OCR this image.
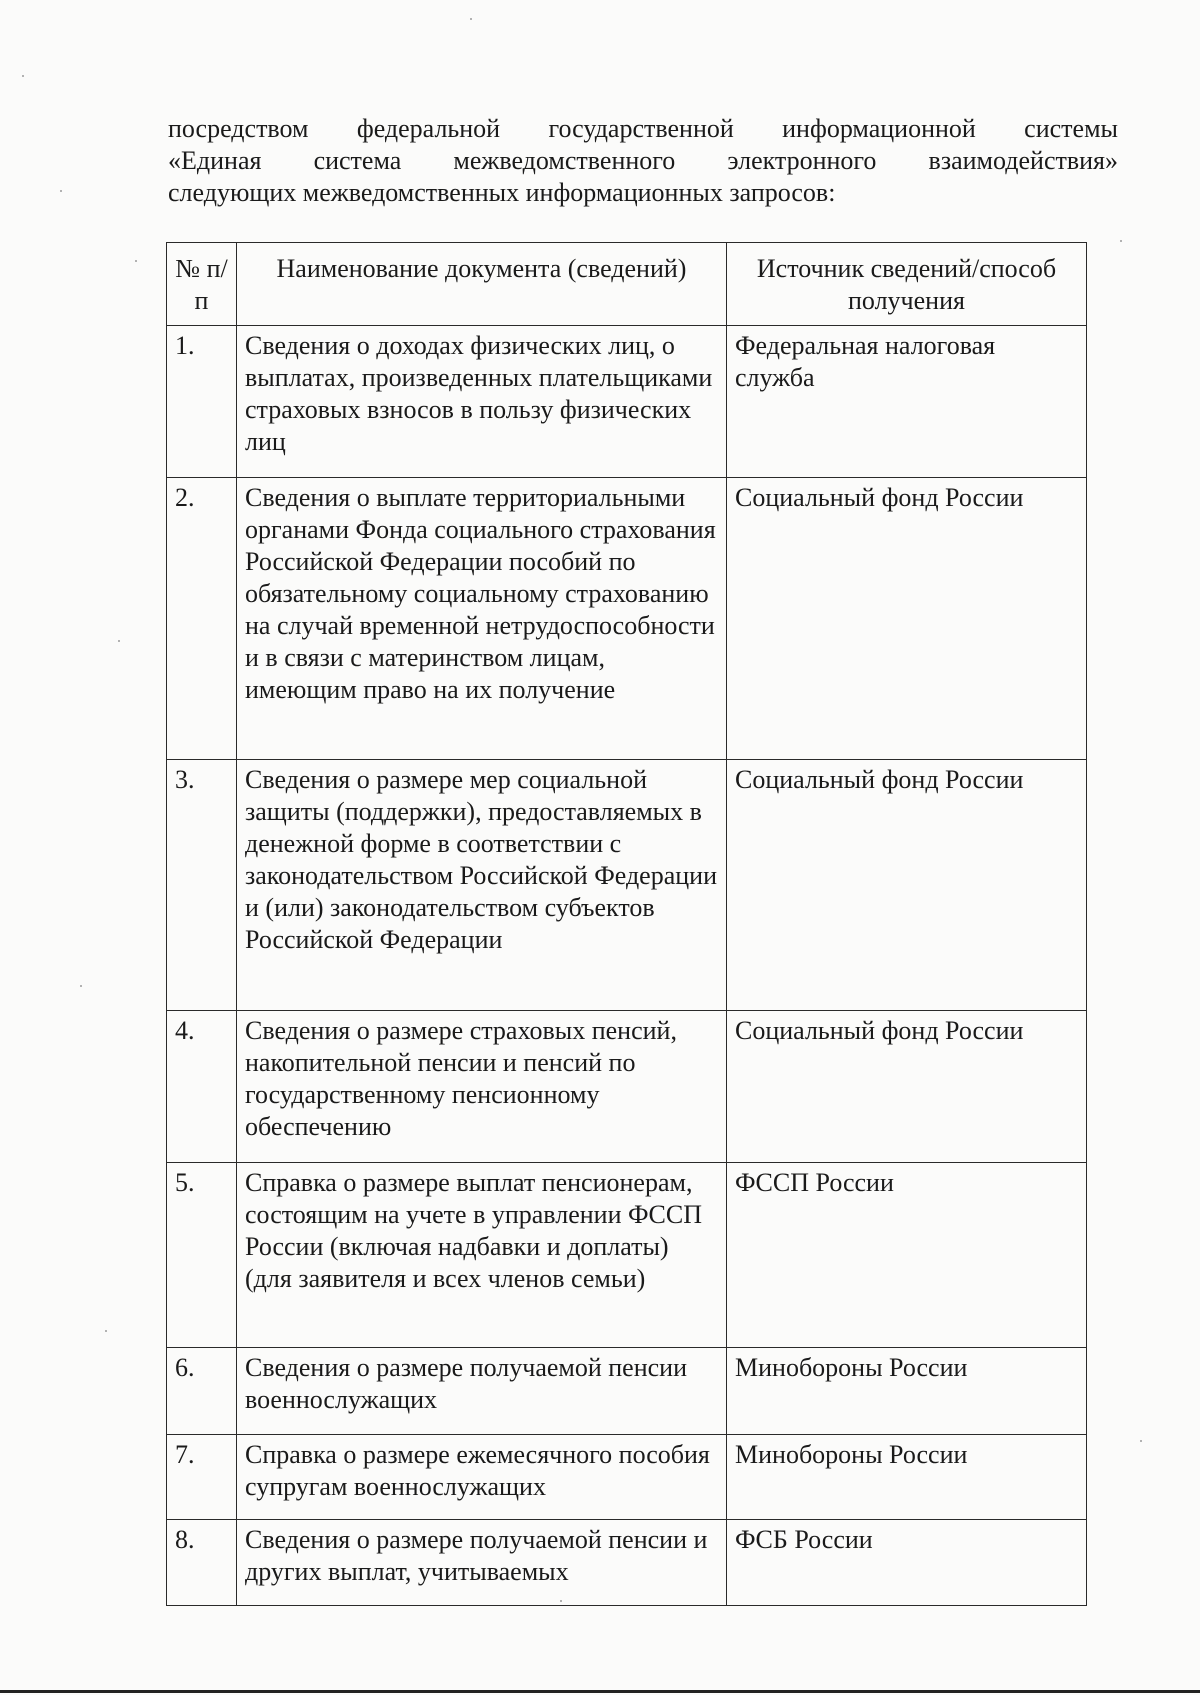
посредством федеральной государственной информационной системы
«Единая система межведомственного электронного взаимодействия»
следующих межведомственных информационных запросов:
№ п/п	Наименование документа (сведений)	Источник сведений/способ получения
1.	Сведения о доходах физических лиц, о выплатах, произведенных плательщиками страховых взносов в пользу физических лиц	Федеральная налоговая служба
2.	Сведения о выплате территориальными органами Фонда социального страхования Российской Федерации пособий по обязательному социальному страхованию на случай временной нетрудоспособности и в связи с материнством лицам, имеющим право на их получение	Социальный фонд России
3.	Сведения о размере мер социальной защиты (поддержки), предоставляемых в денежной форме в соответствии с законодательством Российской Федерации и (или) законодательством субъектов Российской Федерации	Социальный фонд России
4.	Сведения о размере страховых пенсий, накопительной пенсии и пенсий по государственному пенсионному обеспечению	Социальный фонд России
5.	Справка о размере выплат пенсионерам, состоящим на учете в управлении ФССП России (включая надбавки и доплаты) (для заявителя и всех членов семьи)	ФССП России
6.	Сведения о размере получаемой пенсии военнослужащих	Минобороны России
7.	Справка о размере ежемесячного пособия супругам военнослужащих	Минобороны России
8.	Сведения о размере получаемой пенсии и других выплат, учитываемых	ФСБ России
